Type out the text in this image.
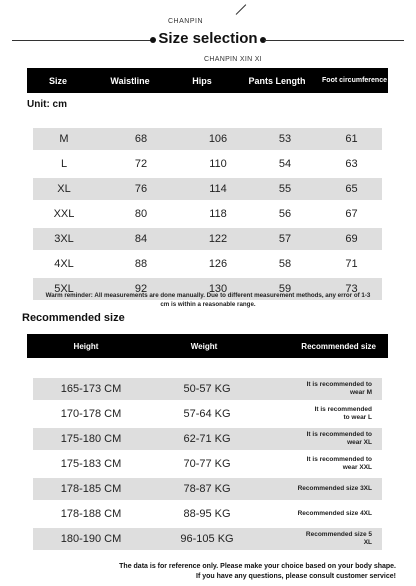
CHANPIN
Size selection
CHANPIN XIN XI
Size	Waistline	Hips	Pants Length	Foot circumference
Unit: cm
M	68	106	53	61
L	72	110	54	63
XL	76	114	55	65
XXL	80	118	56	67
3XL	84	122	57	69
4XL	88	126	58	71
5XL	92	130	59	73
Warm reminder: All measurements are done manually. Due to different measurement methods, any error of 1-3
cm is within a reasonable range.
Recommended size
Height	Weight	Recommended size
165-173 CM	50-57 KG	It is recommended to
wear M
170-178 CM	57-64 KG	It is recommended
to wear L
175-180 CM	62-71 KG	It is recommended to
wear XL
175-183 CM	70-77 KG	It is recommended to
wear XXL
178-185 CM	78-87 KG	Recommended size 3XL
178-188 CM	88-95 KG	Recommended size 4XL
180-190 CM	96-105 KG	Recommended size 5
XL
The data is for reference only. Please make your choice based on your body shape.
If you have any questions, please consult customer service!
